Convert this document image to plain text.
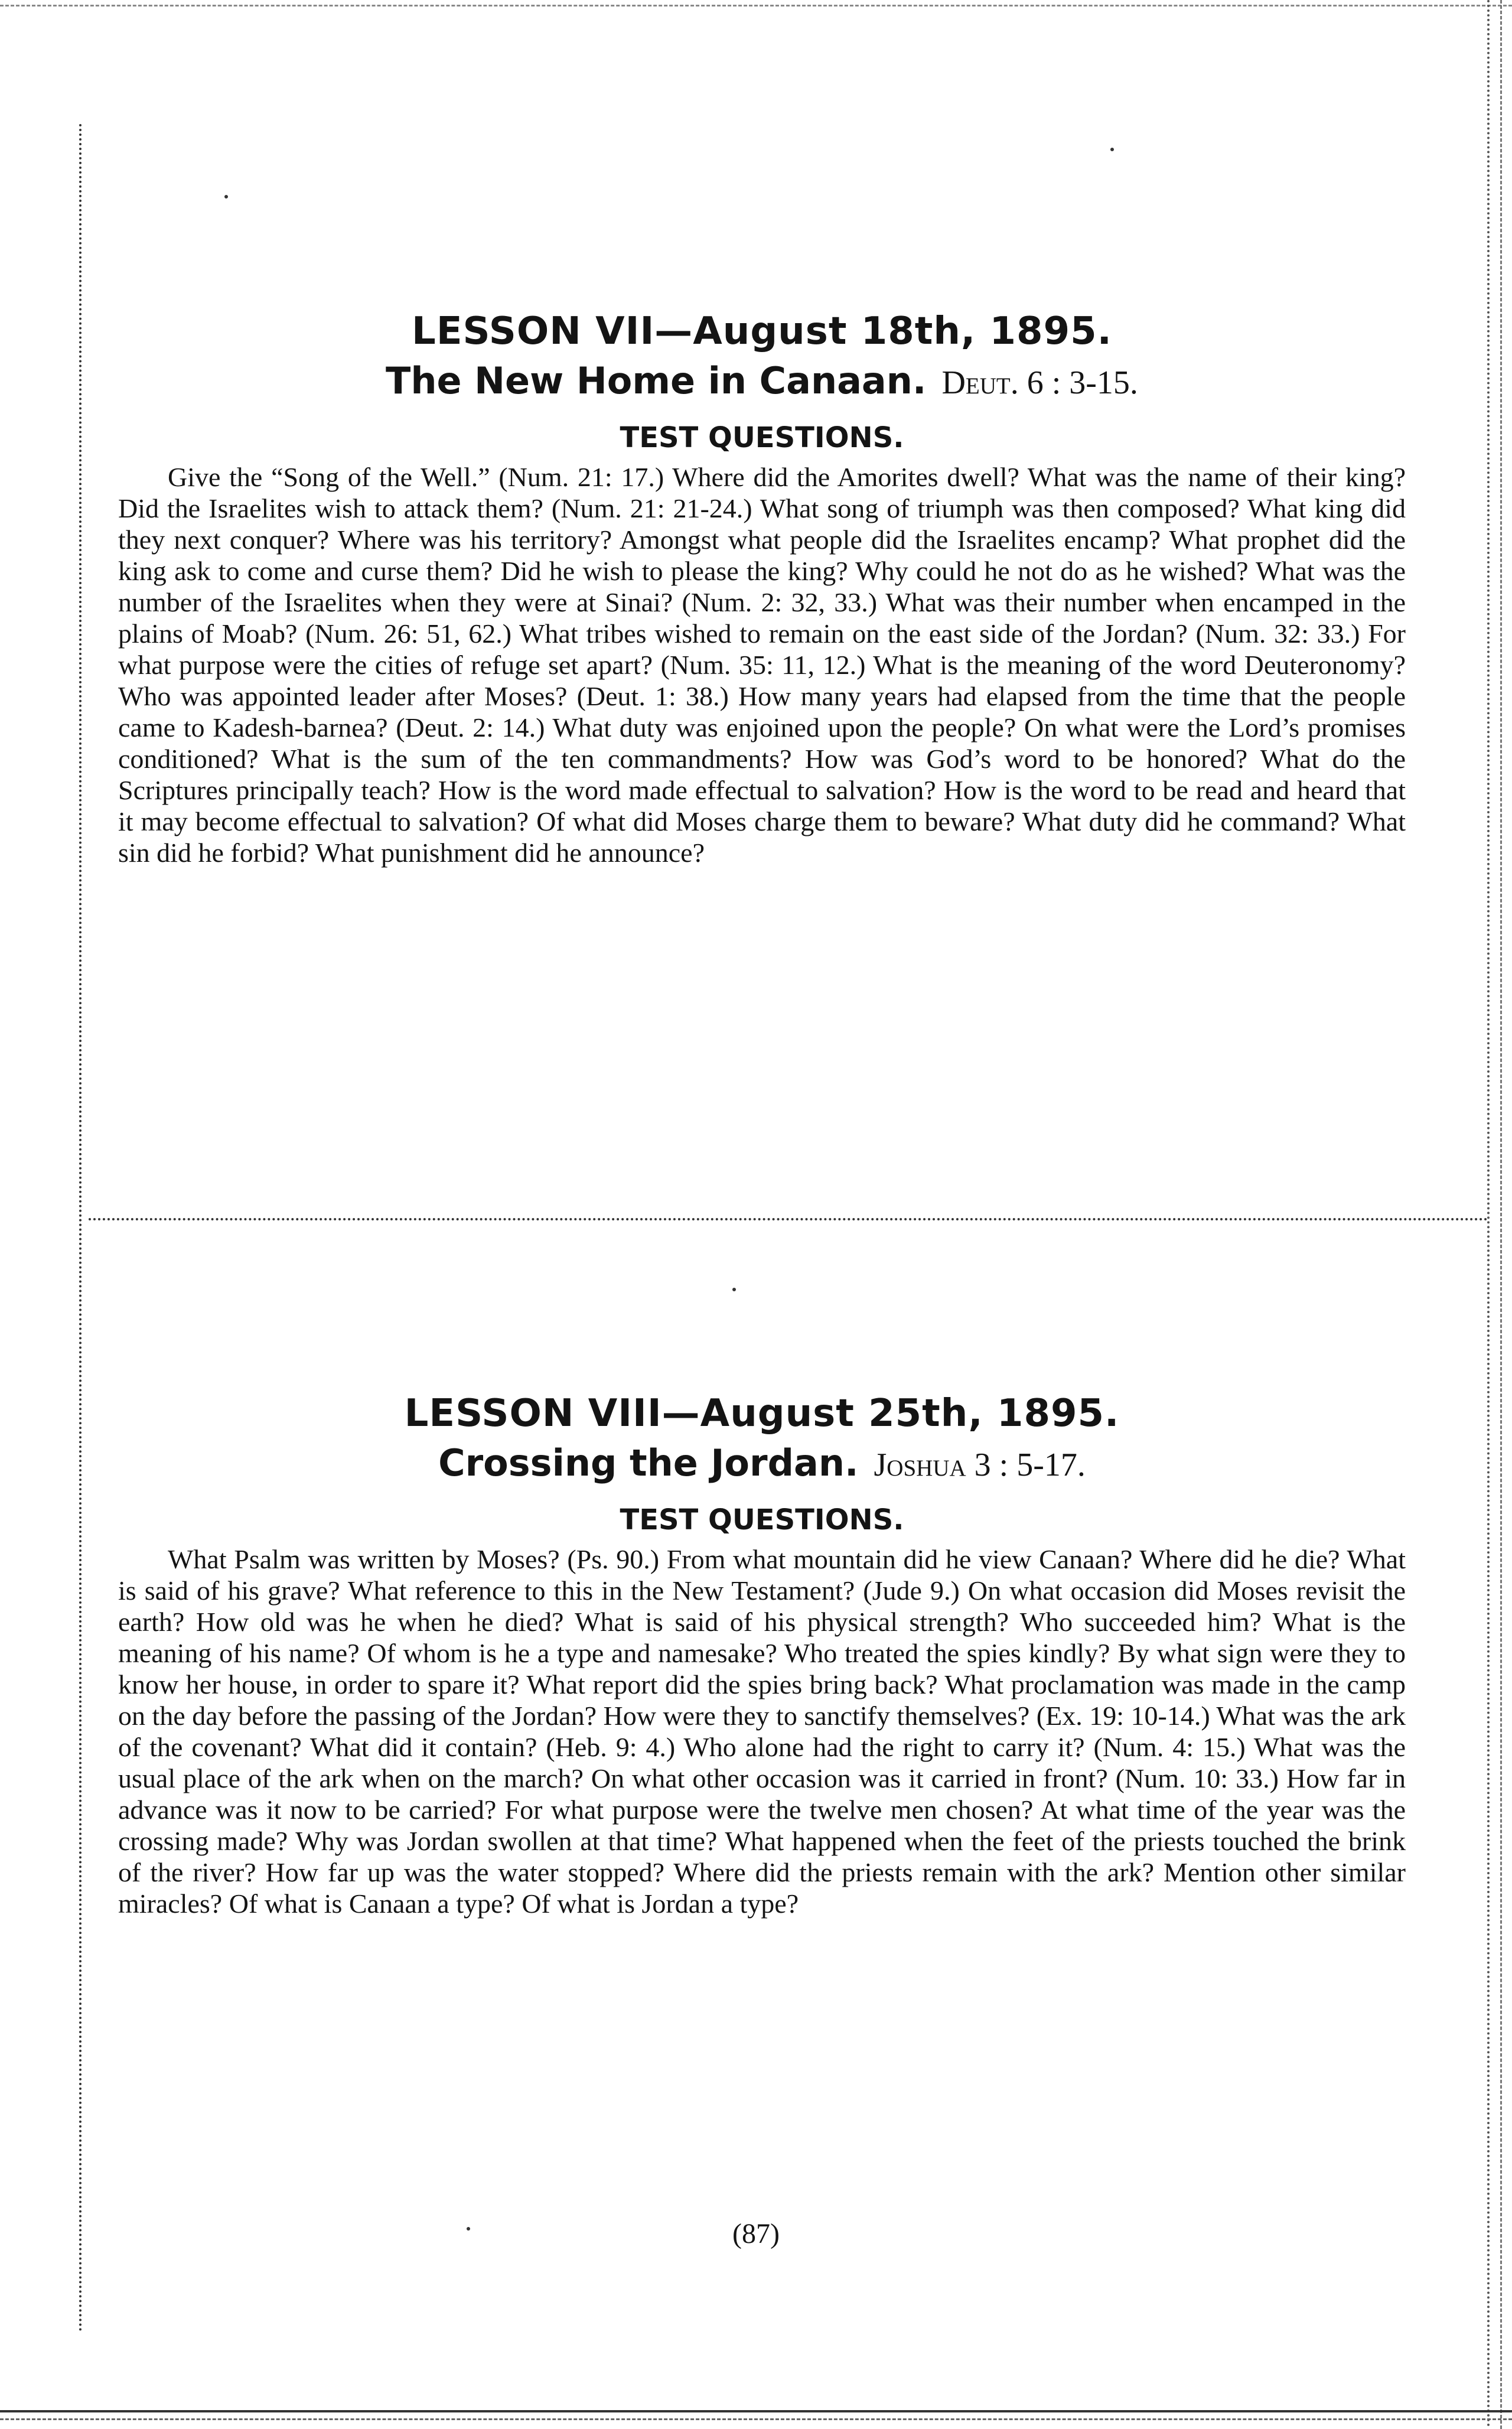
LESSON VII—August 18th, 1895.

The New Home in Canaan. Deut. 6 : 3-15.

TEST QUESTIONS.

Give the “Song of the Well.” (Num. 21: 17.) Where did the Amorites dwell? What was the name of their king? Did the Israelites wish to attack them? (Num. 21: 21-24.) What song of triumph was then composed? What king did they next conquer? Where was his territory? Amongst what people did the Israelites encamp? What prophet did the king ask to come and curse them? Did he wish to please the king? Why could he not do as he wished? What was the number of the Israelites when they were at Sinai? (Num. 2: 32, 33.) What was their number when encamped in the plains of Moab? (Num. 26: 51, 62.) What tribes wished to remain on the east side of the Jordan? (Num. 32: 33.) For what purpose were the cities of refuge set apart? (Num. 35: 11, 12.) What is the meaning of the word Deuteronomy? Who was appointed leader after Moses? (Deut. 1: 38.) How many years had elapsed from the time that the people came to Kadesh-barnea? (Deut. 2: 14.) What duty was enjoined upon the people? On what were the Lord’s promises conditioned? What is the sum of the ten commandments? How was God’s word to be honored? What do the Scriptures principally teach? How is the word made effectual to salvation? How is the word to be read and heard that it may become effectual to salvation? Of what did Moses charge them to beware? What duty did he command? What sin did he forbid? What punishment did he announce?

LESSON VIII—August 25th, 1895.

Crossing the Jordan. Joshua 3 : 5-17.

TEST QUESTIONS.

What Psalm was written by Moses? (Ps. 90.) From what mountain did he view Canaan? Where did he die? What is said of his grave? What reference to this in the New Testament? (Jude 9.) On what occasion did Moses revisit the earth? How old was he when he died? What is said of his physical strength? Who succeeded him? What is the meaning of his name? Of whom is he a type and namesake? Who treated the spies kindly? By what sign were they to know her house, in order to spare it? What report did the spies bring back? What proclamation was made in the camp on the day before the passing of the Jordan? How were they to sanctify themselves? (Ex. 19: 10-14.) What was the ark of the covenant? What did it contain? (Heb. 9: 4.) Who alone had the right to carry it? (Num. 4: 15.) What was the usual place of the ark when on the march? On what other occasion was it carried in front? (Num. 10: 33.) How far in advance was it now to be carried? For what purpose were the twelve men chosen? At what time of the year was the crossing made? Why was Jordan swollen at that time? What happened when the feet of the priests touched the brink of the river? How far up was the water stopped? Where did the priests remain with the ark? Mention other similar miracles? Of what is Canaan a type? Of what is Jordan a type?

(87)
